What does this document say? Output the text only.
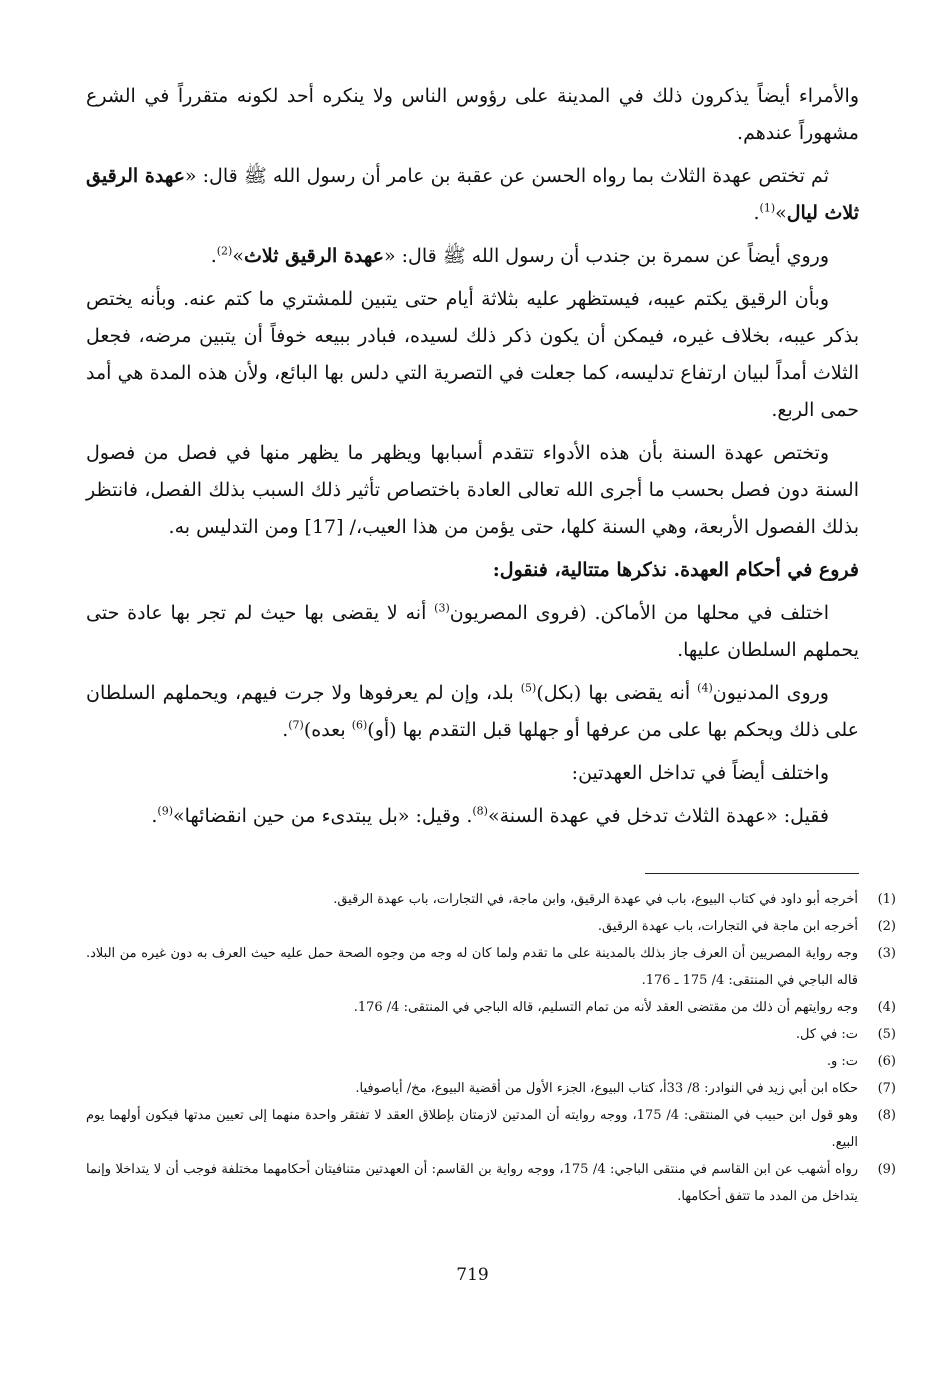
والأمراء أيضاً يذكرون ذلك في المدينة على رؤوس الناس ولا ينكره أحد لكونه متقرراً في الشرع مشهوراً عندهم.

ثم تختص عهدة الثلاث بما رواه الحسن عن عقبة بن عامر أن رسول الله ﷺ قال: «عهدة الرقيق ثلاث ليال»$^{(1)}$.

وروي أيضاً عن سمرة بن جندب أن رسول الله ﷺ قال: «عهدة الرقيق ثلاث»$^{(2)}$.

وبأن الرقيق يكتم عيبه، فيستظهر عليه بثلاثة أيام حتى يتبين للمشتري ما كتم عنه. وبأنه يختص بذكر عيبه، بخلاف غيره، فيمكن أن يكون ذكر ذلك لسيده، فبادر ببيعه خوفاً أن يتبين مرضه، فجعل الثلاث أمداً لبيان ارتفاع تدليسه، كما جعلت في التصرية التي دلس بها البائع، ولأن هذه المدة هي أمد حمى الربع.

وتختص عهدة السنة بأن هذه الأدواء تتقدم أسبابها ويظهر ما يظهر منها في فصل من فصول السنة دون فصل بحسب ما أجرى الله تعالى العادة باختصاص تأثير ذلك السبب بذلك الفصل، فانتظر بذلك الفصول الأربعة، وهي السنة كلها، حتى يؤمن من هذا العيب،/ [17] ومن التدليس به.

فروع في أحكام العهدة. نذكرها متتالية، فنقول:

اختلف في محلها من الأماكن. (فروى المصريون$^{(3)}$ أنه لا يقضى بها حيث لم تجر بها عادة حتى يحملهم السلطان عليها.

وروى المدنيون$^{(4)}$ أنه يقضى بها (بكل)$^{(5)}$ بلد، وإن لم يعرفوها ولا جرت فيهم، ويحملهم السلطان على ذلك ويحكم بها على من عرفها أو جهلها قبل التقدم بها (أو)$^{(6)}$ بعده)$^{(7)}$.

واختلف أيضاً في تداخل العهدتين:

فقيل: «عهدة الثلاث تدخل في عهدة السنة»$^{(8)}$. وقيل: «بل يبتدىء من حين انقضائها»$^{(9)}$.

(1)
أخرجه أبو داود في كتاب البيوع، باب في عهدة الرقيق، وابن ماجة، في التجارات، باب عهدة الرقيق.
(2)
أخرجه ابن ماجة في التجارات، باب عهدة الرقيق.
(3)
وجه رواية المصريين أن العرف جاز بذلك بالمدينة على ما تقدم ولما كان له وجه من وجوه الصحة حمل عليه حيث العرف به دون غيره من البلاد. قاله الباجي في المنتقى: 4/ 175 ـ 176.
(4)
وجه روايتهم أن ذلك من مقتضى العقد لأنه من تمام التسليم، قاله الباجي في المنتقى: 4/ 176.
(5)
ت: في كل.
(6)
ت: و.
(7)
حكاه ابن أبي زيد في النوادر: 8/ 33أ، كتاب البيوع، الجزء الأول من أقضية البيوع، مخ/ أياصوفيا.
(8)
وهو قول ابن حبيب في المنتقى: 4/ 175، ووجه روايته أن المدتين لازمتان بإطلاق العقد لا تفتقر واحدة منهما إلى تعيين مدتها فيكون أولهما يوم البيع.
(9)
رواه أشهب عن ابن القاسم في منتقى الباجي: 4/ 175، ووجه رواية بن القاسم: أن العهدتين متنافيتان أحكامهما مختلفة فوجب أن لا يتداخلا وإنما يتداخل من المدد ما تتفق أحكامها.
719
